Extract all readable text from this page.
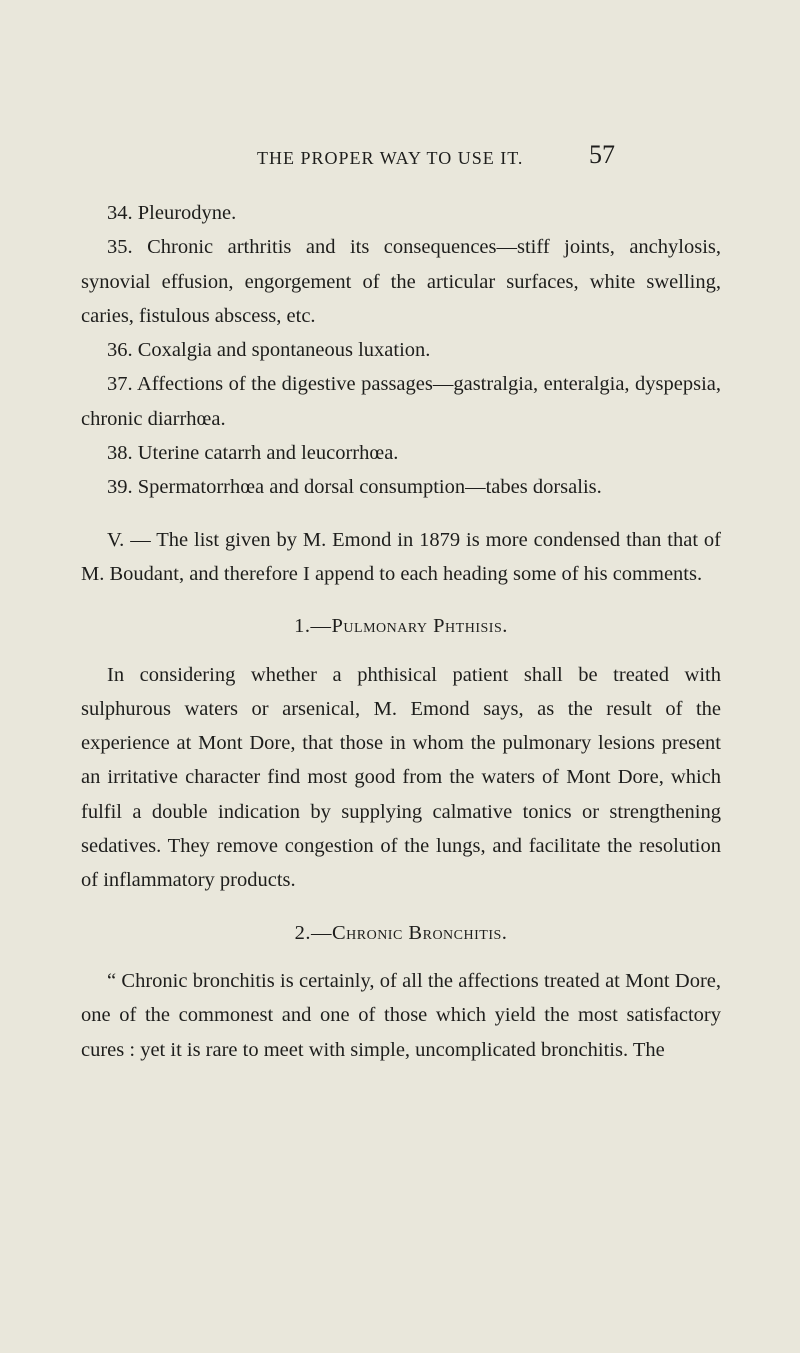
THE PROPER WAY TO USE IT.	57

34. Pleurodyne.

35. Chronic arthritis and its consequences—stiff joints, anchylosis, synovial effusion, engorgement of the articular surfaces, white swelling, caries, fistulous abscess, etc.

36. Coxalgia and spontaneous luxation.

37. Affections of the digestive passages—gastralgia, enteralgia, dyspepsia, chronic diarrhœa.

38. Uterine catarrh and leucorrhœa.

39. Spermatorrhœa and dorsal consumption—tabes dorsalis.

V. — The list given by M. Emond in 1879 is more condensed than that of M. Boudant, and therefore I append to each heading some of his comments.

1.—Pulmonary Phthisis.

In considering whether a phthisical patient shall be treated with sulphurous waters or arsenical, M. Emond says, as the result of the experience at Mont Dore, that those in whom the pulmonary lesions present an irritative character find most good from the waters of Mont Dore, which fulfil a double indication by supplying calmative tonics or strengthening sedatives. They remove congestion of the lungs, and facilitate the resolution of inflammatory products.

2.—Chronic Bronchitis.

“ Chronic bronchitis is certainly, of all the affections treated at Mont Dore, one of the commonest and one of those which yield the most satisfactory cures : yet it is rare to meet with simple, uncomplicated bronchitis. The
